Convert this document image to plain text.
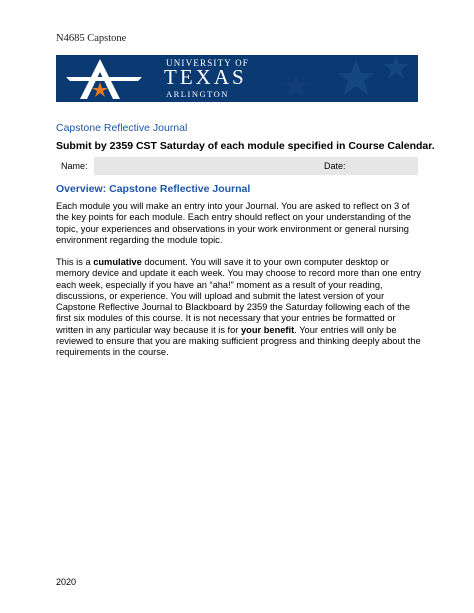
N4685 Capstone
UNIVERSITY OF
TEXAS
ARLINGTON
Capstone Reflective Journal
Submit by 2359 CST Saturday of each module specified in Course Calendar.
Name:	Date:
Overview: Capstone Reflective Journal

Each module you will make an entry into your Journal. You are asked to reflect on 3 of the key points for each module. Each entry should reflect on your understanding of the topic, your experiences and observations in your work environment or general nursing environment regarding the module topic.

This is a cumulative document. You will save it to your own computer desktop or memory device and update it each week. You may choose to record more than one entry each week, especially if you have an “aha!” moment as a result of your reading, discussions, or experience. You will upload and submit the latest version of your Capstone Reflective Journal to Blackboard by 2359 the Saturday following each of the first six modules of this course. It is not necessary that your entries be formatted or written in any particular way because it is for your benefit. Your entries will only be reviewed to ensure that you are making sufficient progress and thinking deeply about the requirements in the course.

2020
